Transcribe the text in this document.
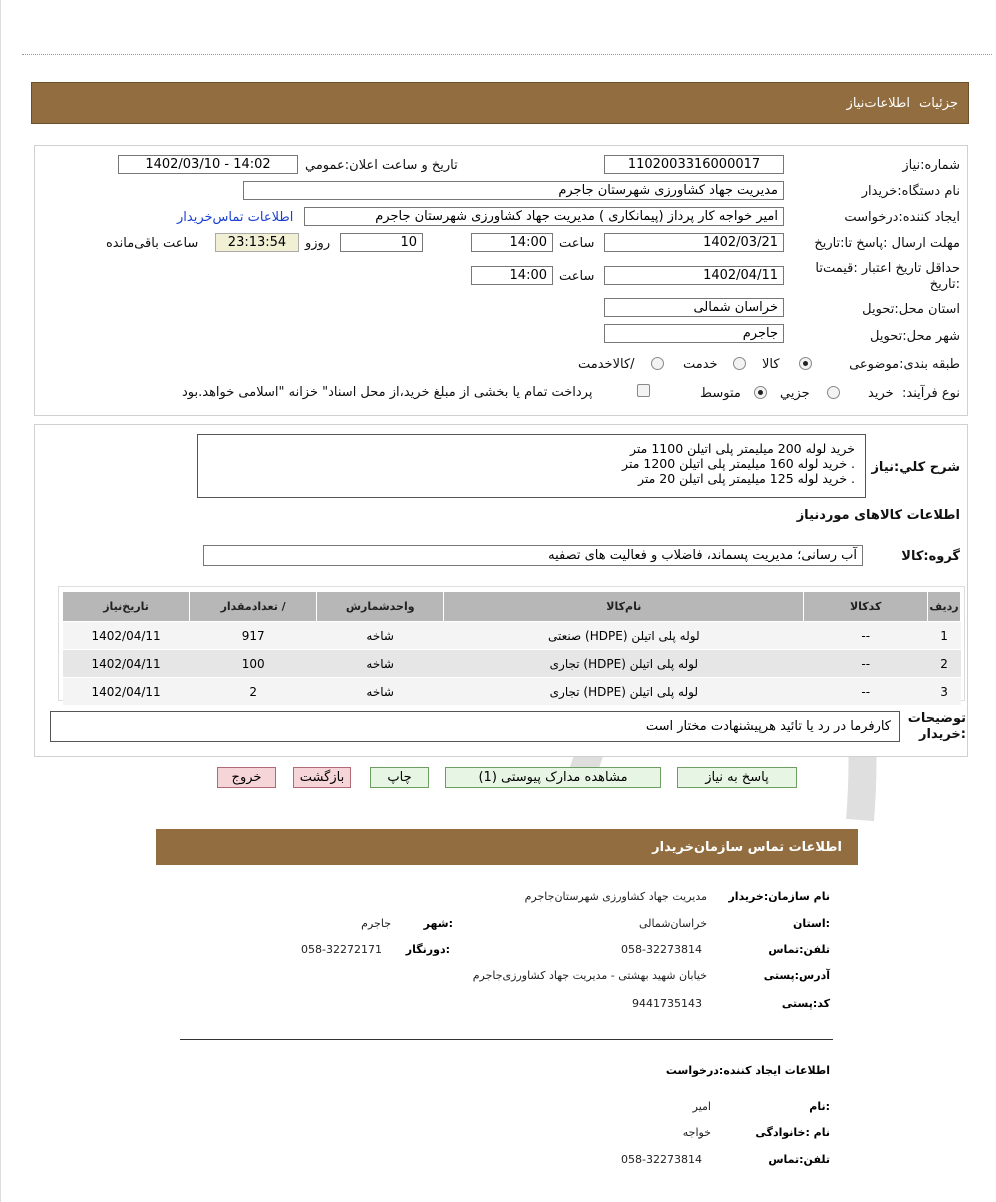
جزئیات
اطلاعات‌نیاز
شماره:نیاز
1102003316000017
تاریخ و ساعت اعلان:عمومي
1402/03/10 - 14:02
نام دستگاه:خریدار
مدیریت جهاد کشاورزی شهرستان جاجرم
ایجاد کننده:درخواست
امیر خواجه کار پرداز (پیمانکاری ) مدیریت جهاد کشاورزی شهرستان جاجرم
اطلاعات تماس‌خریدار
مهلت ارسال :پاسخ تا:تاریخ
1402/03/21
ساعت
14:00
روزو	10
23:13:54
ساعت باقی‌مانده
حداقل تاریخ اعتبار :قیمت‌تا
:تاریخ
1402/04/11
ساعت
14:00
استان محل:تحویل
خراسان شمالی
شهر محل:تحویل
جاجرم
طبقه بندی:موضوعی
کالا
خدمت
/کالاخدمت
نوع فرآیند:
خرید
جزیي
متوسط
پرداخت تمام یا بخشی از مبلغ خرید،از محل اسناد" خزانه "اسلامی خواهد.بود
شرح کلي:نیاز
خرید لوله 200 میلیمتر پلی اتیلن 1100 متر
. خرید لوله 160 میلیمتر پلی اتیلن 1200 متر
. خرید لوله 125 میلیمتر پلی اتیلن 20 متر
اطلاعات کالاهای مورد‌نیاز
گروه:کالا
آب رسانی؛ مدیریت پسماند، فاضلاب و فعالیت های تصفیه
ردیف	کدکالا	نام‌کالا	واحدشمارش	/ تعدادمقدار	تاریخ‌نیاز
1	--	لوله پلی اتیلن (HDPE) صنعتی	شاخه	917	1402/04/11
2	--	لوله پلی اتیلن (HDPE) تجاری	شاخه	100	1402/04/11
3	--	لوله پلی اتیلن (HDPE) تجاری	شاخه	2	1402/04/11
توضیحات
:خریدار
کارفرما در رد یا تائید هرپیشنهادت مختار است
پاسخ به نیاز
مشاهده مدارک پیوستی (1)
چاپ
بازگشت
خروج
اطلاعات تماس سازمان‌خریدار
نام سازمان:خریدار
مدیریت جهاد کشاورزی شهرستان‌جاجرم
:استان
خراسان‌شمالی
:شهر
جاجرم
تلفن:تماس
058-32273814
:دورنگار
058-32272171
آدرس:پستی
خیابان شهید بهشتی - مدیریت جهاد کشاورزی‌جاجرم
کد:پستی
9441735143
اطلاعات ایجاد کننده:درخواست
:نام
امیر
نام :خانوادگی
خواجه
تلفن:تماس
058-32273814
